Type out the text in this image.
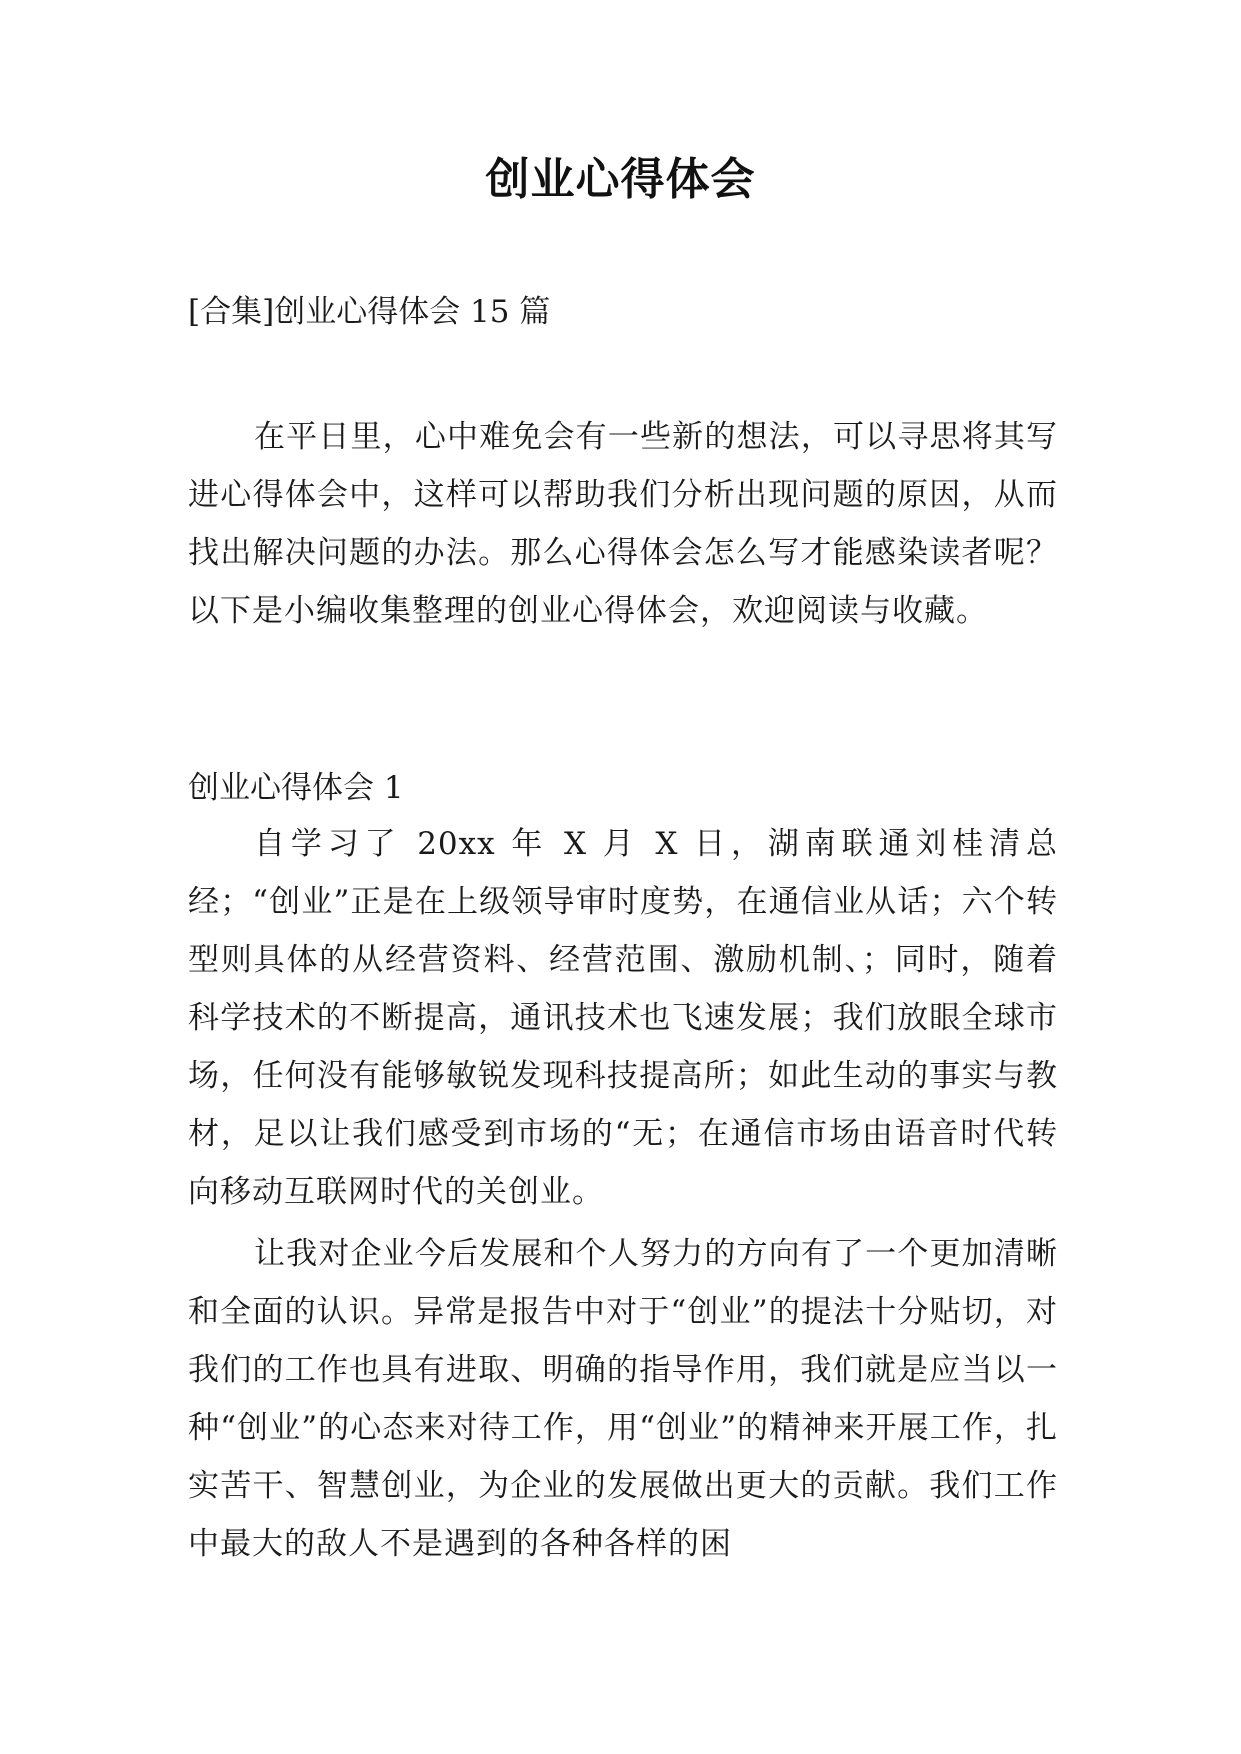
创业心得体会
[合集]创业心得体会 15 篇

在平日里，心中难免会有一些新的想法，可以寻思将其写进心得体会中，这样可以帮助我们分析出现问题的原因，从而找出解决问题的办法。那么心得体会怎么写才能感染读者呢？以下是小编收集整理的创业心得体会，欢迎阅读与收藏。

创业心得体会 1

自学习了 20xx 年 X 月 X 日，湖南联通刘桂清总经；“创业”正是在上级领导审时度势，在通信业从话；六个转型则具体的从经营资料、经营范围、激励机制、；同时，随着科学技术的不断提高，通讯技术也飞速发展；我们放眼全球市场，任何没有能够敏锐发现科技提高所；如此生动的事实与教材，足以让我们感受到市场的“无；在通信市场由语音时代转向移动互联网时代的关创业。

让我对企业今后发展和个人努力的方向有了一个更加清晰和全面的认识。异常是报告中对于“创业”的提法十分贴切，对我们的工作也具有进取、明确的指导作用，我们就是应当以一种“创业”的心态来对待工作，用“创业”的精神来开展工作，扎实苦干、智慧创业，为企业的发展做出更大的贡献。我们工作中最大的敌人不是遇到的各种各样的困
